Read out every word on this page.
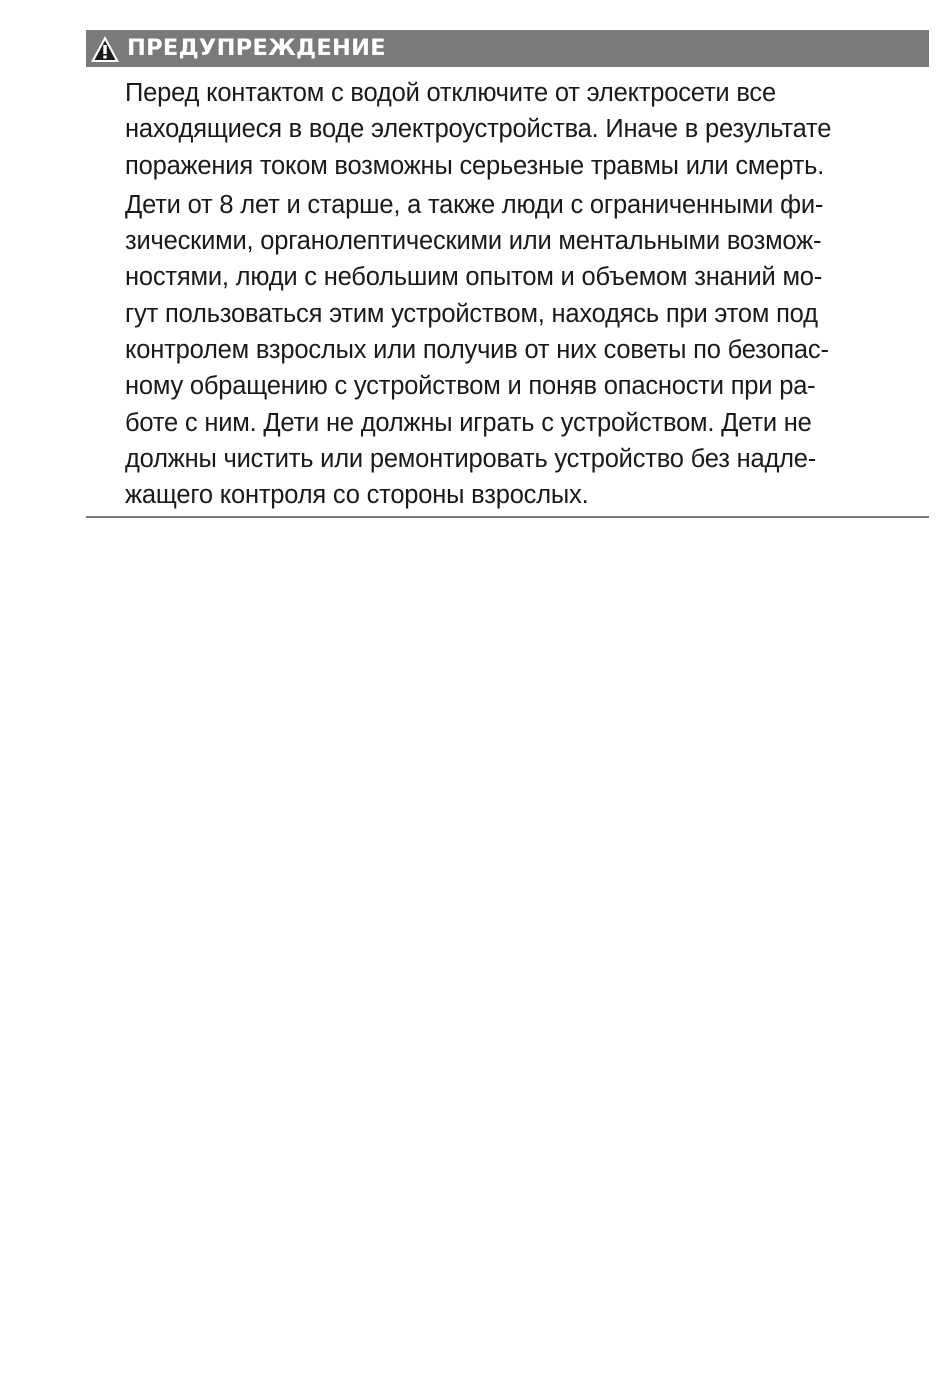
ПРЕДУПРЕЖДЕНИЕ

Перед контактом с водой отключите от электросети все
находящиеся в воде электроустройства. Иначе в результате
поражения током возможны серьезные травмы или смерть.

Дети от 8 лет и старше, а также люди с ограниченными фи-
зическими, органолептическими или ментальными возмож-
ностями, люди с небольшим опытом и объемом знаний мо-
гут пользоваться этим устройством, находясь при этом под
контролем взрослых или получив от них советы по безопас-
ному обращению с устройством и поняв опасности при ра-
боте с ним. Дети не должны играть с устройством. Дети не
должны чистить или ремонтировать устройство без надле-
жащего контроля со стороны взрослых.
